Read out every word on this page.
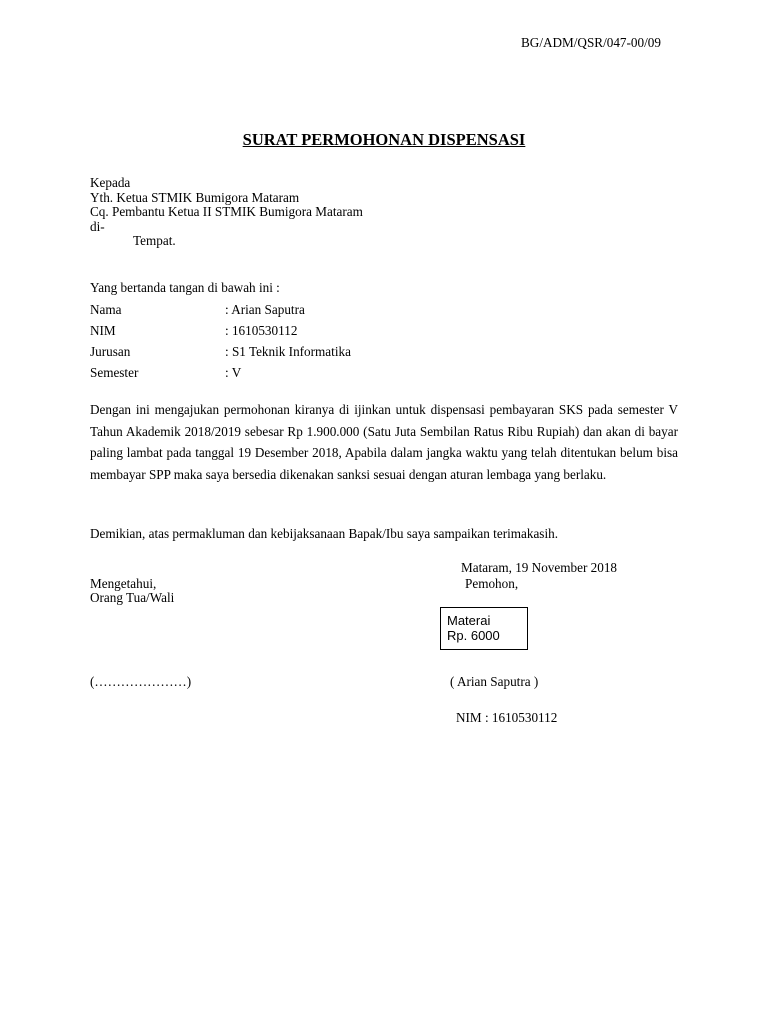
BG/ADM/QSR/047-00/09
SURAT PERMOHONAN DISPENSASI
Kepada
Yth. Ketua STMIK Bumigora Mataram
Cq. Pembantu Ketua II STMIK Bumigora Mataram
di-
Tempat.
Yang bertanda tangan di bawah ini :
Nama	: Arian Saputra
NIM	: 1610530112
Jurusan	: S1 Teknik Informatika
Semester	: V
Dengan ini mengajukan permohonan kiranya di ijinkan untuk dispensasi pembayaran SKS pada semester V Tahun Akademik 2018/2019 sebesar Rp 1.900.000 (Satu Juta Sembilan Ratus Ribu Rupiah) dan akan di bayar paling lambat pada tanggal 19 Desember 2018, Apabila dalam jangka waktu yang telah ditentukan belum bisa membayar SPP maka saya bersedia dikenakan sanksi sesuai dengan aturan lembaga yang berlaku.
Demikian, atas permakluman dan kebijaksanaan Bapak/Ibu saya sampaikan terimakasih.
Mataram, 19 November 2018
Mengetahui,	Pemohon,
Orang Tua/Wali
Materai
Rp. 6000
(…………………)	( Arian Saputra )
NIM : 1610530112
